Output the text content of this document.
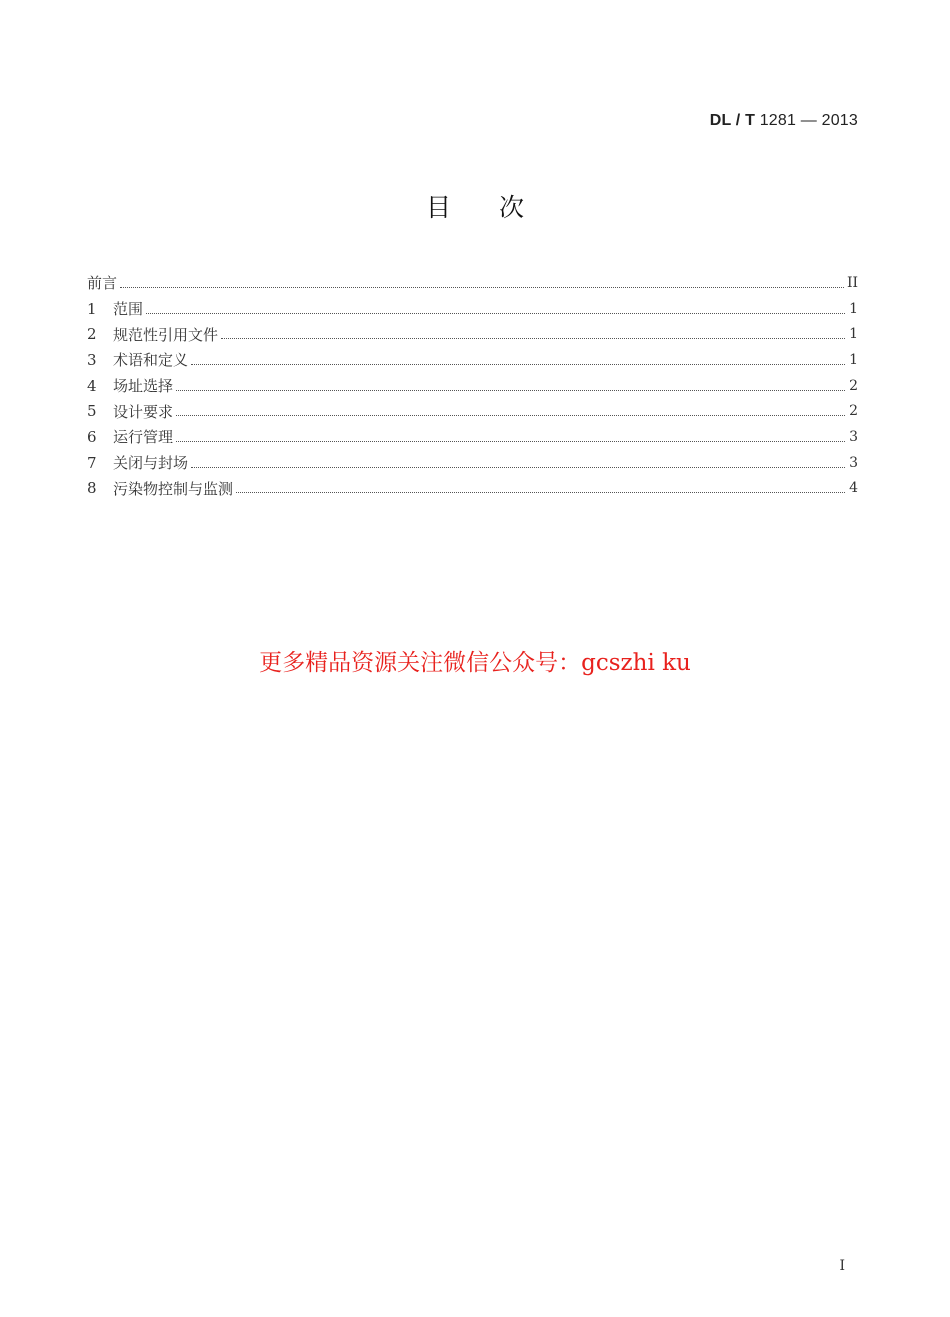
DL / T 1281 — 2013
目 次
前言	II
1	范围	1
2	规范性引用文件	1
3	术语和定义	1
4	场址选择	2
5	设计要求	2
6	运行管理	3
7	关闭与封场	3
8	污染物控制与监测	4
更多精品资源关注微信公众号：gcszhi ku
I
